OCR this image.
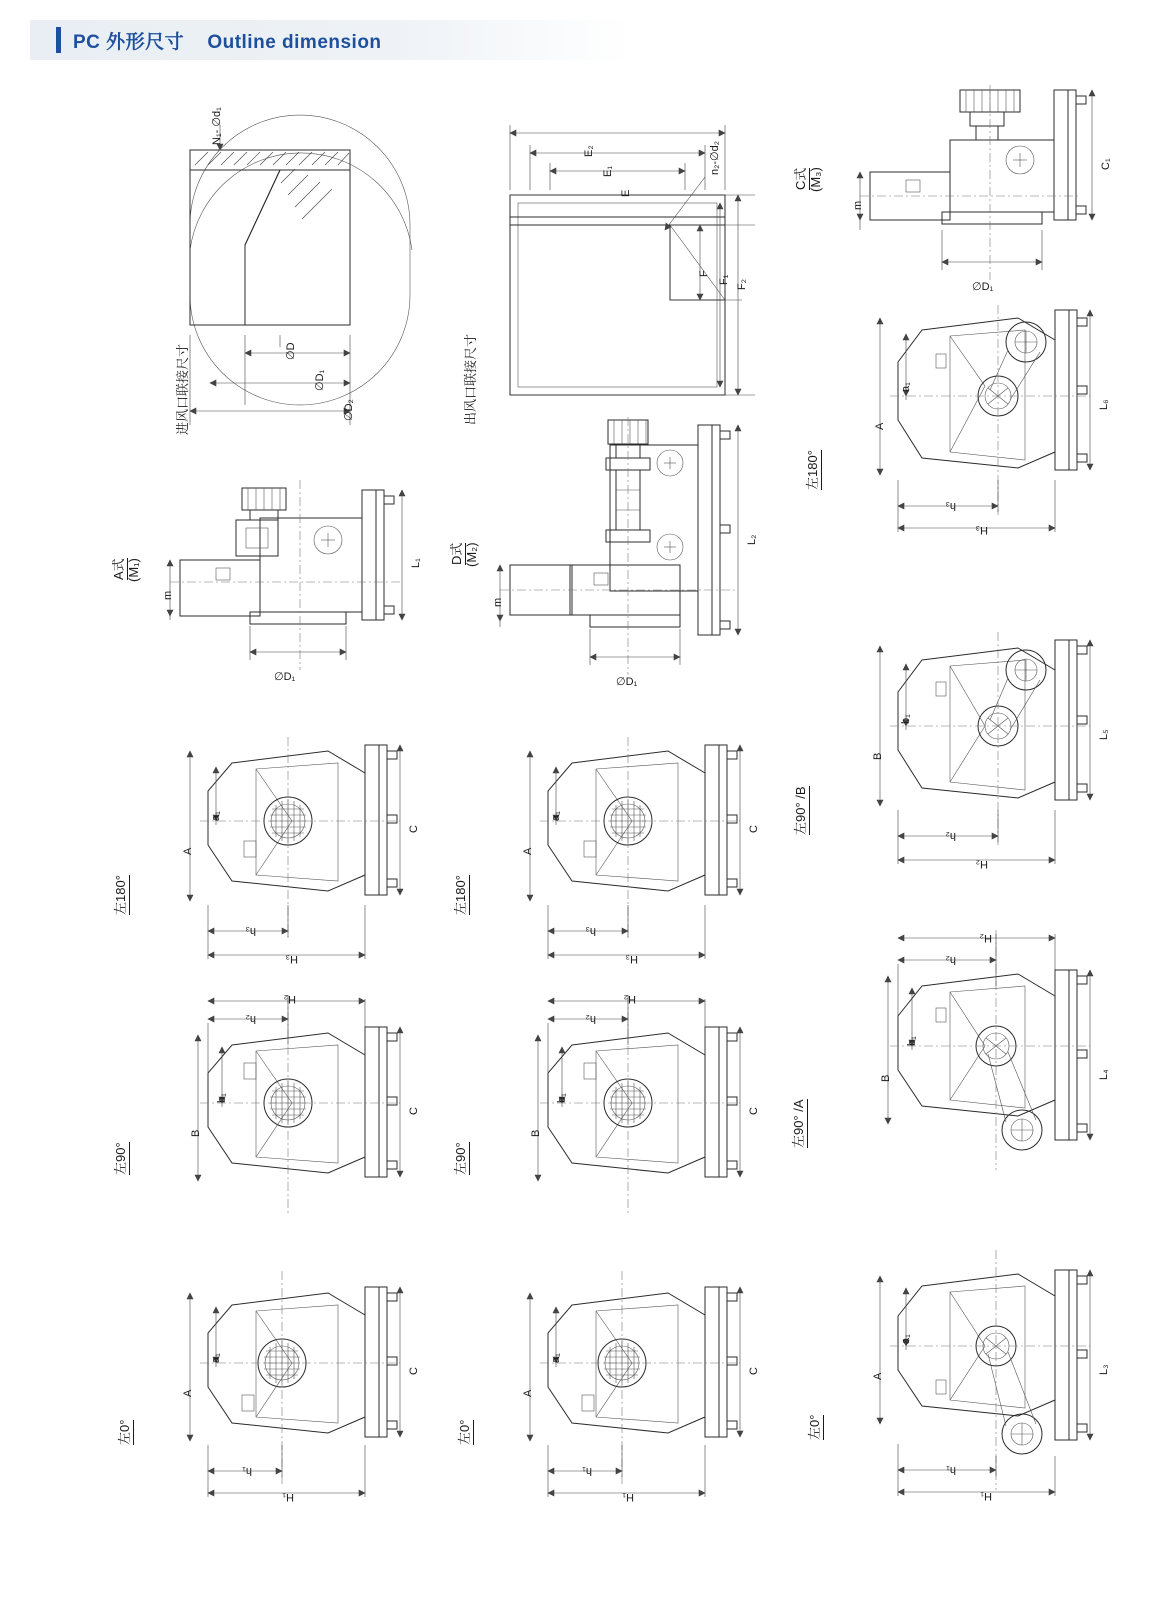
PC 外形尺寸 Outline dimension
进风口联接尺寸
N₁- ∅d₁
∅D
∅D₁
∅D₂	出风口联接尺寸
E₂
E₁
E
n₂-∅d₂
F
F₁ F₂
C式 (M₃)
C₁
m
∅D₁
A式 (M₁)	L₁
m
∅D₁
D式 (M₂)
L₂
m
∅D₁
左180°
A
a₁
L₆
h₃
H₃
左180°
A
a₁
C
h₃
H₃
左180°
A
a₁
C
h₃
H₃
左90° /B
B
b₁
L₅
h₂
H₂
左90°
B
b₁
C
h₂
H₂
左90°
B
b₁
C
h₂
H₂
左90° /A
B
b₁
L₄
h₂
H₂
左0°
A
a₁
C
h₁
H₁
左0°
A
a₁
C
h₁
H₁
左0°
A
a₁
L₃
h₁
H₁
